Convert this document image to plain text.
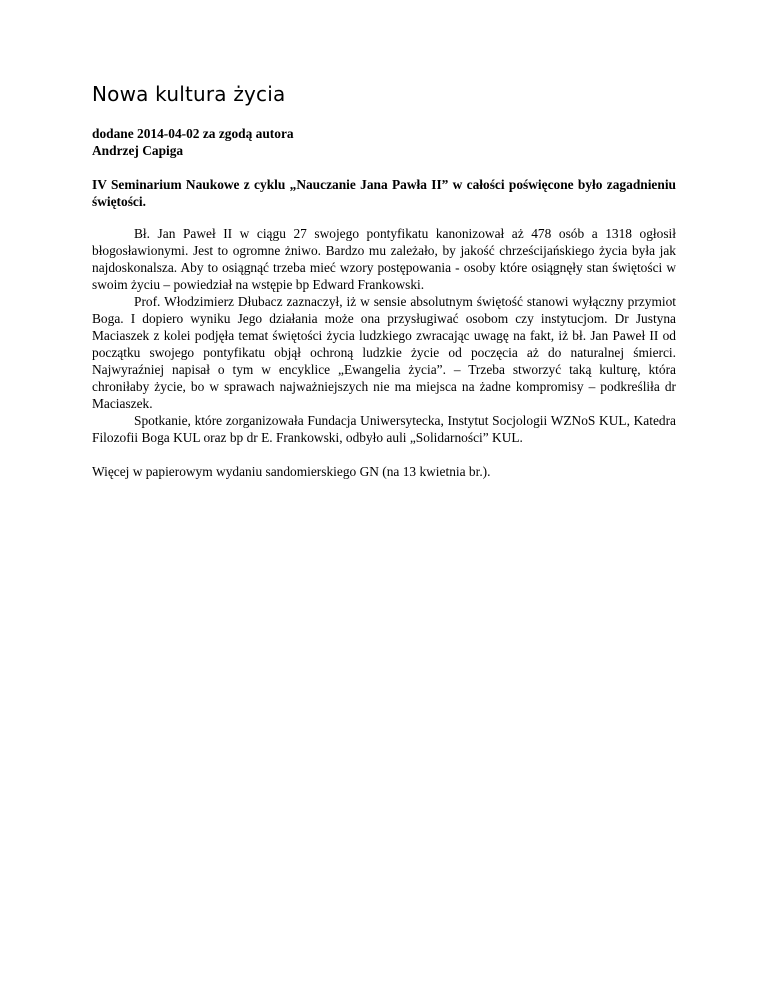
Nowa kultura życia

dodane 2014-04-02 za zgodą autora

Andrzej Capiga

IV Seminarium Naukowe z cyklu „Nauczanie Jana Pawła II” w całości poświęcone było zagadnieniu świętości.

Bł. Jan Paweł II w ciągu 27 swojego pontyfikatu kanonizował aż 478 osób a 1318 ogłosił błogosławionymi. Jest to ogromne żniwo. Bardzo mu zależało, by jakość chrześcijańskiego życia była jak najdoskonalsza. Aby to osiągnąć trzeba mieć wzory postępowania - osoby które osiągnęły stan świętości w swoim życiu – powiedział na wstępie bp Edward Frankowski.

Prof. Włodzimierz Dłubacz zaznaczył, iż w sensie absolutnym świętość stanowi wyłączny przymiot Boga. I dopiero wyniku Jego działania może ona przysługiwać osobom czy instytucjom. Dr Justyna Maciaszek z kolei podjęła temat świętości życia ludzkiego zwracając uwagę na fakt, iż bł. Jan Paweł II od początku swojego pontyfikatu objął ochroną ludzkie życie od poczęcia aż do naturalnej śmierci. Najwyraźniej napisał o tym w encyklice „Ewangelia życia”. – Trzeba stworzyć taką kulturę, która chroniłaby życie, bo w sprawach najważniejszych nie ma miejsca na żadne kompromisy – podkreśliła dr Maciaszek.

Spotkanie, które zorganizowała Fundacja Uniwersytecka, Instytut Socjologii WZNoS KUL, Katedra Filozofii Boga KUL oraz bp dr E. Frankowski, odbyło auli „Solidarności” KUL.

Więcej w papierowym wydaniu sandomierskiego GN (na 13 kwietnia br.).
